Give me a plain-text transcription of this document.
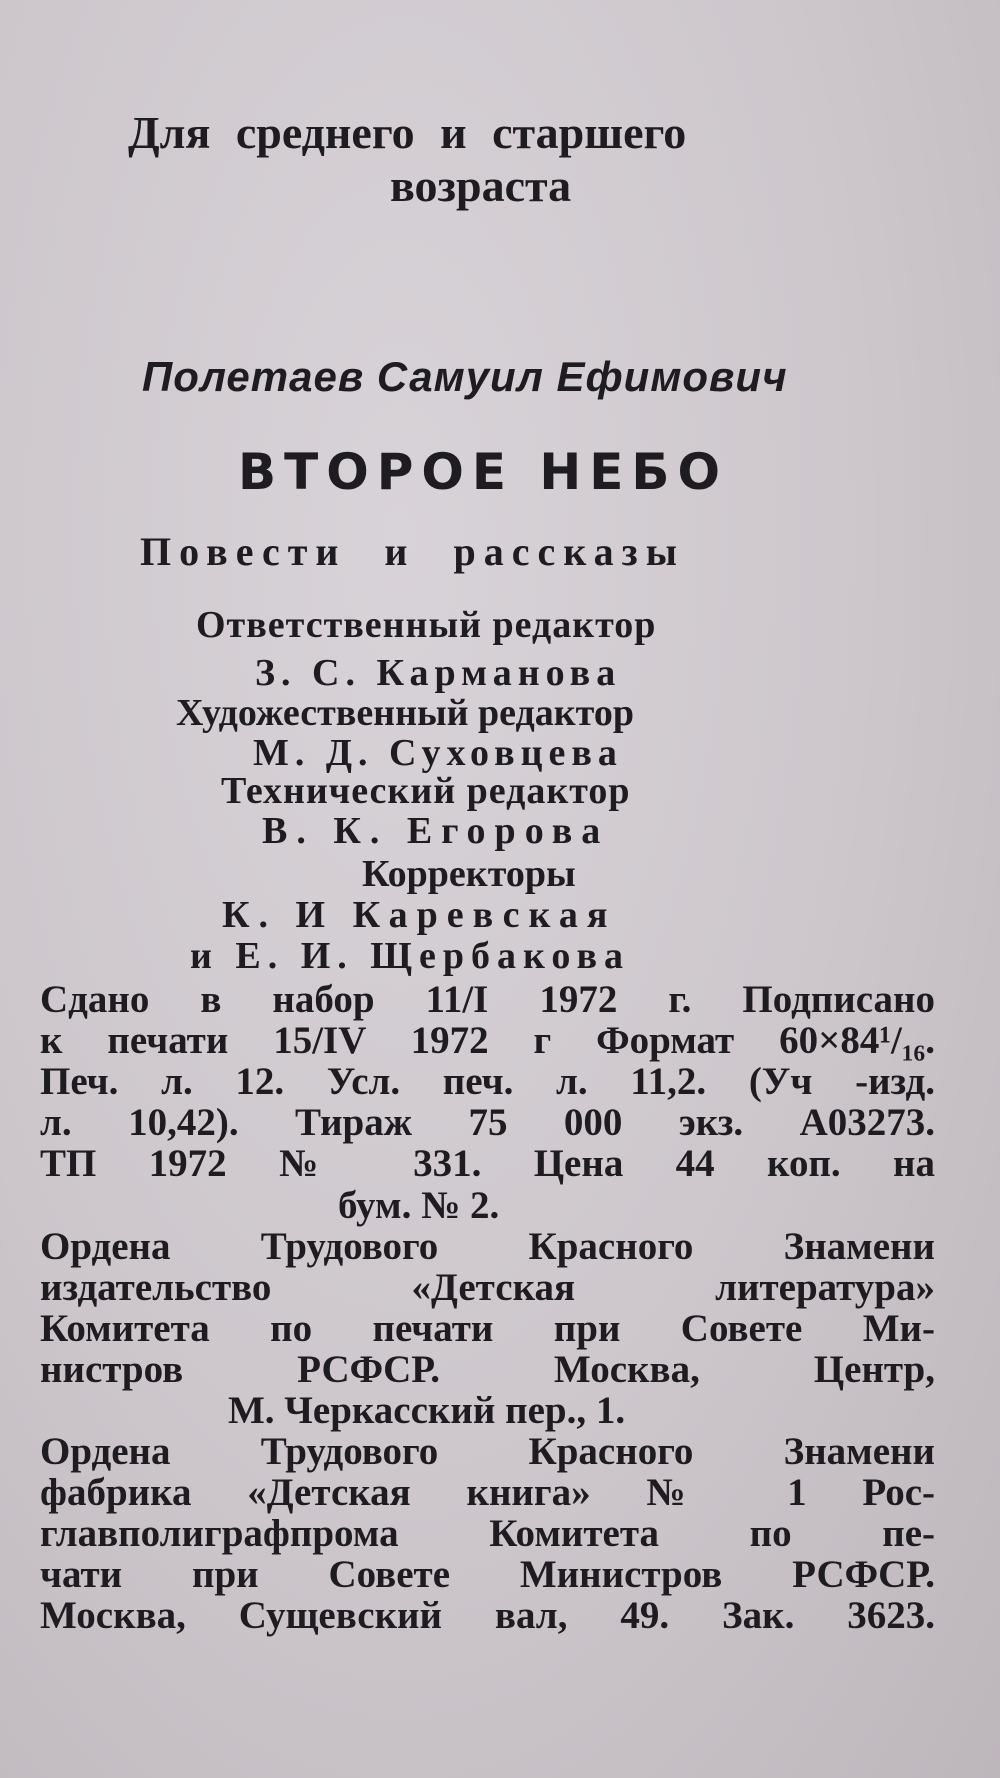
Для среднего и старшего
возраста
Полетаев Самуил Ефимович
ВТОРОЕ НЕБО
Повести и рассказы
Ответственный редактор
З. С. Карманова
Художественный редактор
М. Д. Суховцева
Технический редактор
В. К. Егорова
Корректоры
К. И Каревская
и Е. И. Щербакова
Сдано в набор 11/I 1972 г. Подписано
к печати 15/IV 1972 г Формат 60×84¹/₁₆.
Печ. л. 12. Усл. печ. л. 11,2. (Уч -изд.
л. 10,42). Тираж 75 000 экз. А03273.
ТП 1972 № 331. Цена 44 коп. на
бум. № 2.
Ордена Трудового Красного Знамени
издательство «Детская литература»
Комитета по печати при Совете Ми-
нистров РСФСР. Москва, Центр,
М. Черкасский пер., 1.
Ордена Трудового Красного Знамени
фабрика «Детская книга» № 1 Рос-
главполиграфпрома Комитета по пе-
чати при Совете Министров РСФСР.
Москва, Сущевский вал, 49. Зак. 3623.
